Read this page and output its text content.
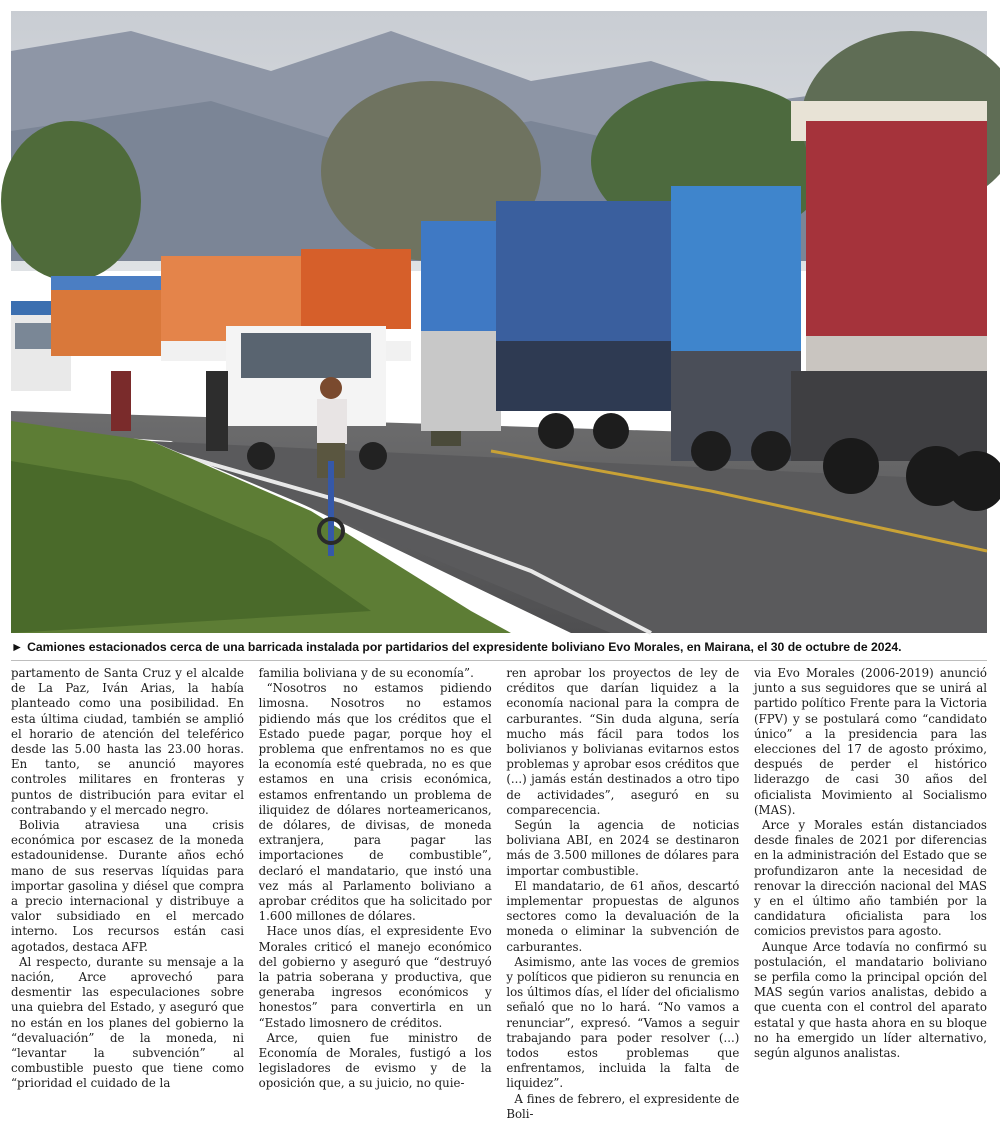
► Camiones estacionados cerca de una barricada instalada por partidarios del expresidente boliviano Evo Morales, en Mairana, el 30 de octubre de 2024.

partamento de Santa Cruz y el alcalde de La Paz, Iván Arias, la había planteado como una posibilidad. En esta última ciudad, también se amplió el horario de atención del teleférico desde las 5.00 hasta las 23.00 horas. En tanto, se anunció mayores controles militares en fronteras y puntos de distribución para evitar el contrabando y el mercado negro.

Bolivia atraviesa una crisis económica por escasez de la moneda estadounidense. Durante años echó mano de sus reservas líquidas para importar gasolina y diésel que compra a precio internacional y distribuye a valor subsidiado en el mercado interno. Los recursos están casi agotados, destaca AFP.

Al respecto, durante su mensaje a la nación, Arce aprovechó para desmentir las especulaciones sobre una quiebra del Estado, y aseguró que no están en los planes del gobierno la “devaluación” de la moneda, ni “levantar la subvención” al combustible puesto que tiene como “prioridad el cuidado de la

familia boliviana y de su economía”.

“Nosotros no estamos pidiendo limosna. Nosotros no estamos pidiendo más que los créditos que el Estado puede pagar, porque hoy el problema que enfrentamos no es que la economía esté quebrada, no es que estamos en una crisis económica, estamos enfrentando un problema de iliquidez de dólares norteamericanos, de dólares, de divisas, de moneda extranjera, para pagar las importaciones de combustible”, declaró el mandatario, que instó una vez más al Parlamento boliviano a aprobar créditos que ha solicitado por 1.600 millones de dólares.

Hace unos días, el expresidente Evo Morales criticó el manejo económico del gobierno y aseguró que “destruyó la patria soberana y productiva, que generaba ingresos económicos y honestos” para convertirla en un “Estado limosnero de créditos.

Arce, quien fue ministro de Economía de Morales, fustigó a los legisladores de evismo y de la oposición que, a su juicio, no quie-

ren aprobar los proyectos de ley de créditos que darían liquidez a la economía nacional para la compra de carburantes. “Sin duda alguna, sería mucho más fácil para todos los bolivianos y bolivianas evitarnos estos problemas y aprobar esos créditos que (...) jamás están destinados a otro tipo de actividades”, aseguró en su comparecencia.

Según la agencia de noticias boliviana ABI, en 2024 se destinaron más de 3.500 millones de dólares para importar combustible.

El mandatario, de 61 años, descartó implementar propuestas de algunos sectores como la devaluación de la moneda o eliminar la subvención de carburantes.

Asimismo, ante las voces de gremios y políticos que pidieron su renuncia en los últimos días, el líder del oficialismo señaló que no lo hará. “No vamos a renunciar”, expresó. “Vamos a seguir trabajando para poder resolver (...) todos estos problemas que enfrentamos, incluida la falta de liquidez”.

A fines de febrero, el expresidente de Boli-

via Evo Morales (2006-2019) anunció junto a sus seguidores que se unirá al partido político Frente para la Victoria (FPV) y se postulará como “candidato único” a la presidencia para las elecciones del 17 de agosto próximo, después de perder el histórico liderazgo de casi 30 años del oficialista Movimiento al Socialismo (MAS).

Arce y Morales están distanciados desde finales de 2021 por diferencias en la administración del Estado que se profundizaron ante la necesidad de renovar la dirección nacional del MAS y en el último año también por la candidatura oficialista para los comicios previstos para agosto.

Aunque Arce todavía no confirmó su postulación, el mandatario boliviano se perfila como la principal opción del MAS según varios analistas, debido a que cuenta con el control del aparato estatal y que hasta ahora en su bloque no ha emergido un líder alternativo, según algunos analistas.
